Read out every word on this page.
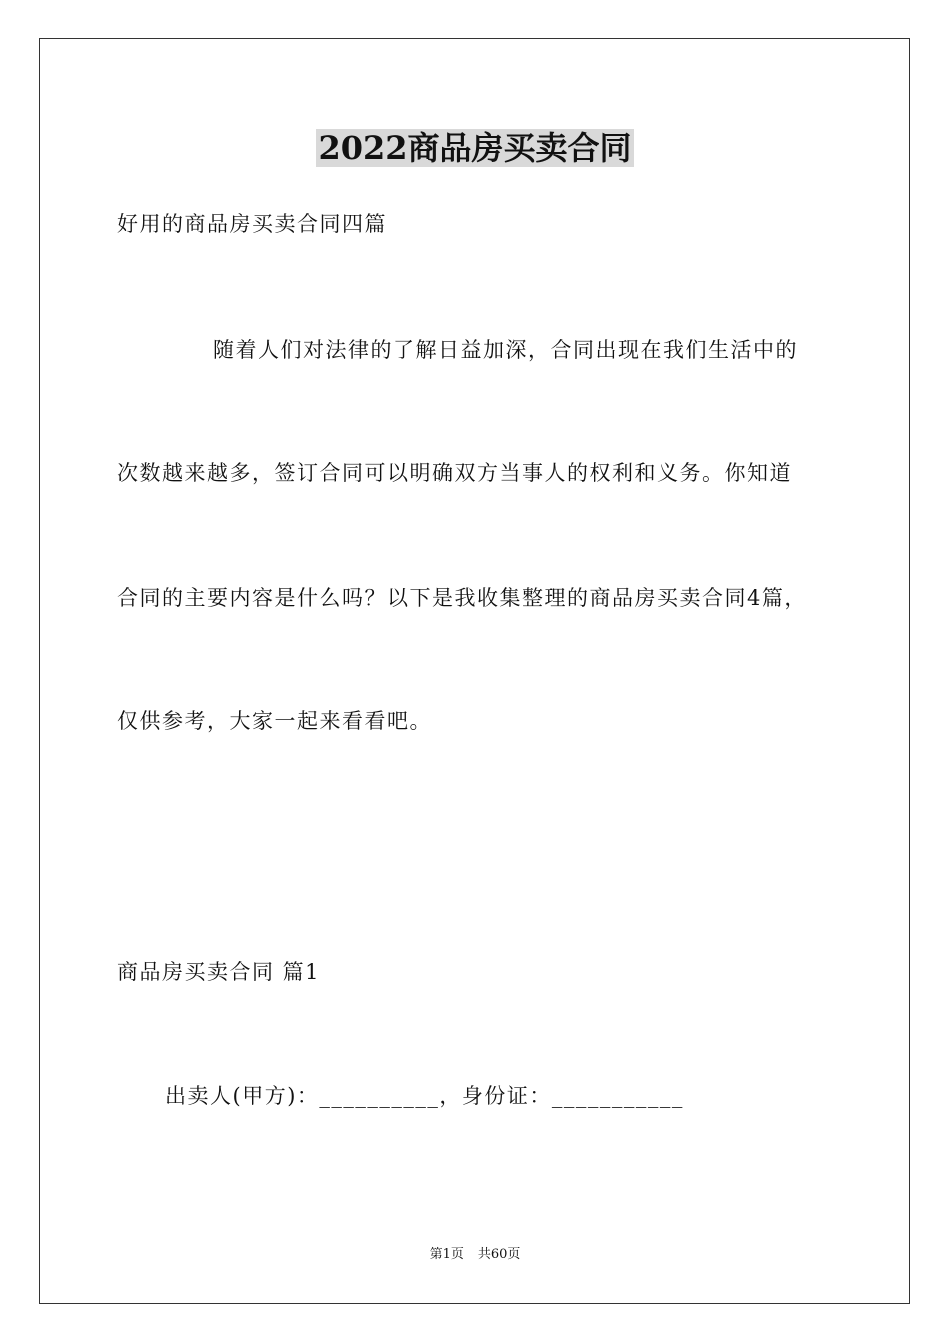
2022商品房买卖合同

好用的商品房买卖合同四篇

随着人们对法律的了解日益加深，合同出现在我们生活中的

次数越来越多，签订合同可以明确双方当事人的权利和义务。你知道

合同的主要内容是什么吗？以下是我收集整理的商品房买卖合同4篇，

仅供参考，大家一起来看看吧。

商品房买卖合同 篇1

出卖人(甲方)：__________，身份证：___________

第1页 共60页
